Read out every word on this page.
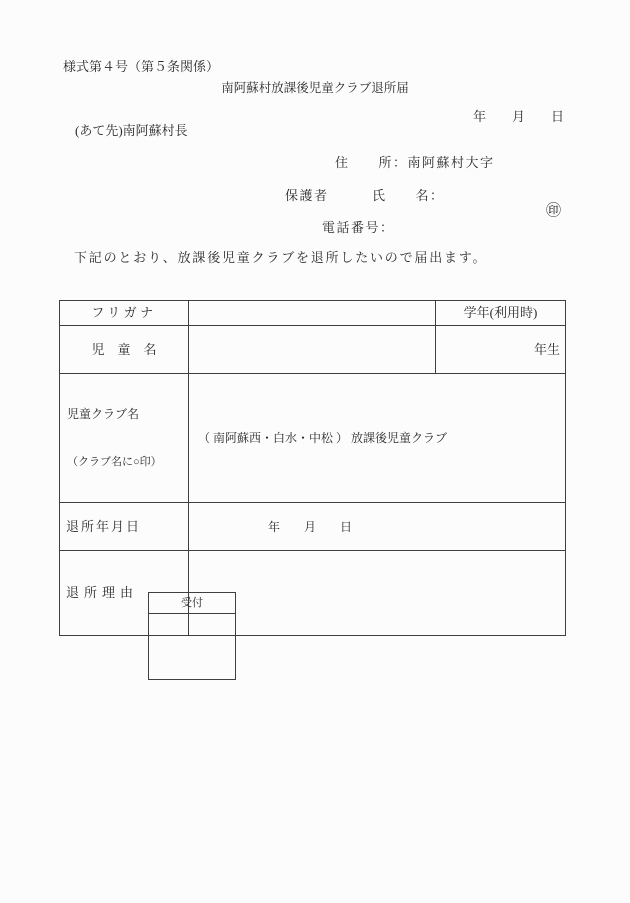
様式第４号（第５条関係）
南阿蘇村放課後児童クラブ退所届
年　　月　　日
(あて先)南阿蘇村長
住　　所：南阿蘇村大字
保護者　　　氏　　名：
㊞
電話番号：
下記のとおり、放課後児童クラブを退所したいので届出ます。
フリガナ		学年(利用時)
児　童　名		年生

児童クラブ名

（クラブ名に○印）	（ 南阿蘇西・白水・中松 ） 放課後児童クラブ	
退所年月日	年　　月　　日	
退所理由		
受付
